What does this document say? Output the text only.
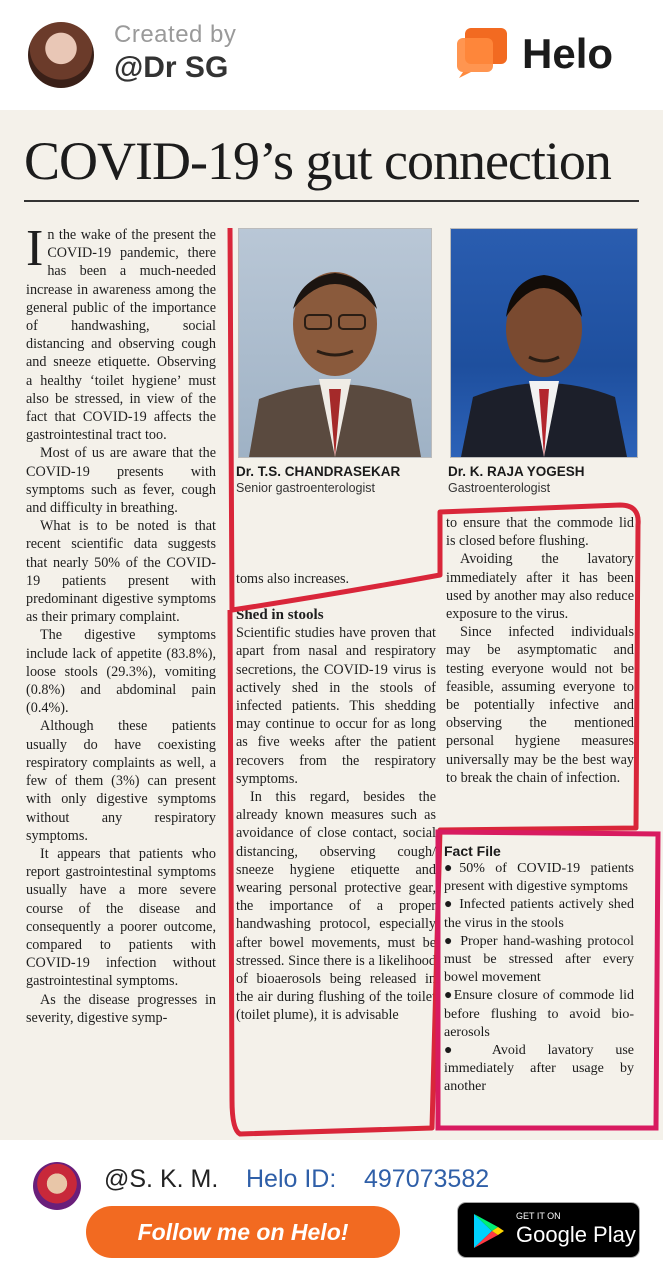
Created by
@Dr SG	Helo
COVID-19’s gut connection

In the wake of the present the COVID-19 pandemic, there has been a much-needed increase in awareness among the general public of the importance of handwashing, social distancing and observing cough and sneeze etiquette. Observing a healthy ‘toilet hygiene’ must also be stressed, in view of the fact that COVID-19 affects the gastrointestinal tract too.

Most of us are aware that the COVID-19 presents with symptoms such as fever, cough and difficulty in breathing.

What is to be noted is that recent scientific data suggests that nearly 50% of the COVID-19 patients present with predominant digestive symptoms as their primary complaint.

The digestive symptoms include lack of appetite (83.8%), loose stools (29.3%), vomiting (0.8%) and abdominal pain (0.4%).

Although these patients usually do have coexisting respiratory complaints as well, a few of them (3%) can present with only digestive symptoms without any respiratory symptoms.

It appears that patients who report gastrointestinal symptoms usually have a more severe course of the disease and consequently a poorer outcome, compared to patients with COVID-19 infection without gastrointestinal symptoms.

As the disease progresses in severity, digestive symp-

Dr. T.S. CHANDRASEKAR
Senior gastroenterologist
Dr. K. RAJA YOGESH
Gastroenterologist

toms also increases.

Shed in stools

Scientific studies have proven that apart from nasal and respiratory secretions, the COVID-19 virus is actively shed in the stools of infected patients. This shedding may continue to occur for as long as five weeks after the patient recovers from the respiratory symptoms.

In this regard, besides the already known measures such as avoidance of close contact, social distancing, observing cough/ sneeze hygiene etiquette and wearing personal protective gear, the importance of a proper handwashing protocol, especially after bowel movements, must be stressed. Since there is a likelihood of bioaerosols being released in the air during flushing of the toilet (toilet plume), it is advisable

to ensure that the commode lid is closed before flushing.

Avoiding the lavatory immediately after it has been used by another may also reduce exposure to the virus.

Since infected individuals may be asymptomatic and testing everyone would not be feasible, assuming everyone to be potentially infective and observing the mentioned personal hygiene measures universally may be the best way to break the chain of infection.

Fact File
●50% of COVID-19 patients present with digestive symptoms
● Infected patients actively shed the virus in the stools
● Proper hand-washing protocol must be stressed after every bowel movement
●Ensure closure of commode lid before flushing to avoid bio-aerosols
● Avoid lavatory use immediately after usage by another
@S. K. M. Helo ID: 497073582
Follow me on Helo!
GET IT ON
Google Play
